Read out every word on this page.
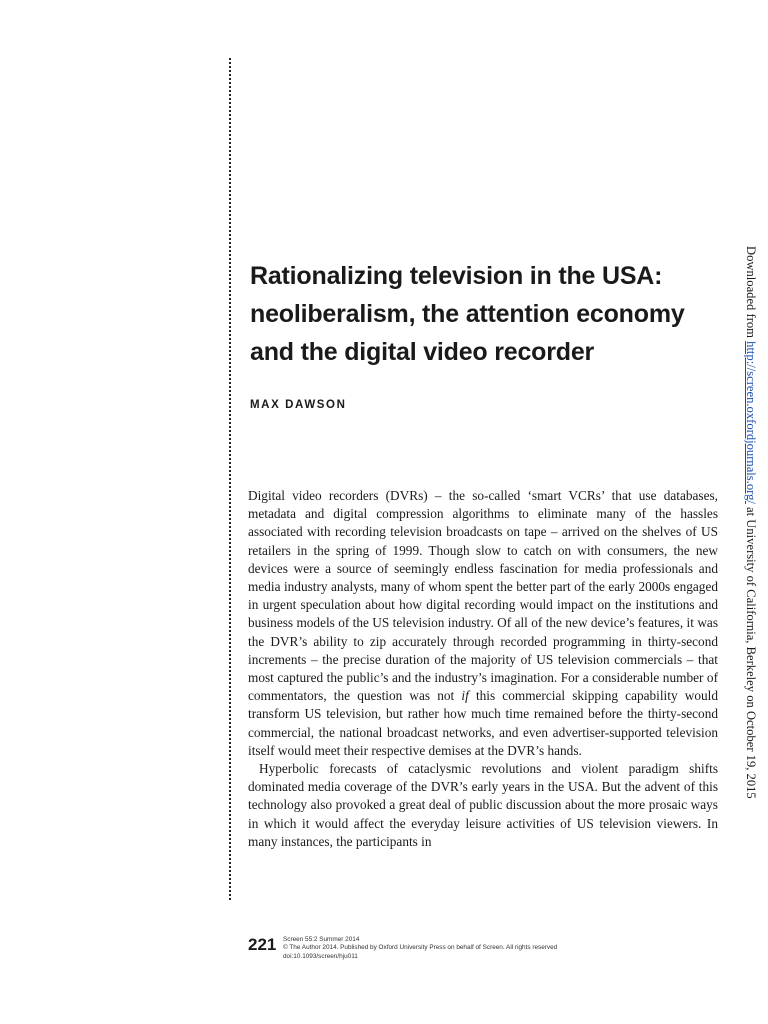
Rationalizing television in the USA:
neoliberalism, the attention economy
and the digital video recorder
MAX DAWSON

Digital video recorders (DVRs) – the so-called ‘smart VCRs’ that use databases, metadata and digital compression algorithms to eliminate many of the hassles associated with recording television broadcasts on tape – arrived on the shelves of US retailers in the spring of 1999. Though slow to catch on with consumers, the new devices were a source of seemingly endless fascination for media professionals and media industry analysts, many of whom spent the better part of the early 2000s engaged in urgent speculation about how digital recording would impact on the institutions and business models of the US television industry. Of all of the new device’s features, it was the DVR’s ability to zip accurately through recorded programming in thirty-second increments – the precise duration of the majority of US television commercials – that most captured the public’s and the industry’s imagination. For a considerable number of commentators, the question was not if this commercial skipping capability would transform US television, but rather how much time remained before the thirty-second commercial, the national broadcast networks, and even advertiser-supported television itself would meet their respective demises at the DVR’s hands.

Hyperbolic forecasts of cataclysmic revolutions and violent paradigm shifts dominated media coverage of the DVR’s early years in the USA. But the advent of this technology also provoked a great deal of public discussion about the more prosaic ways in which it would affect the everyday leisure activities of US television viewers. In many instances, the participants in

221 Screen 55:2 Summer 2014
© The Author 2014. Published by Oxford University Press on behalf of Screen. All rights reserved
doi:10.1093/screen/hju011
Downloaded from http://screen.oxfordjournals.org/ at University of California, Berkeley on October 19, 2015
